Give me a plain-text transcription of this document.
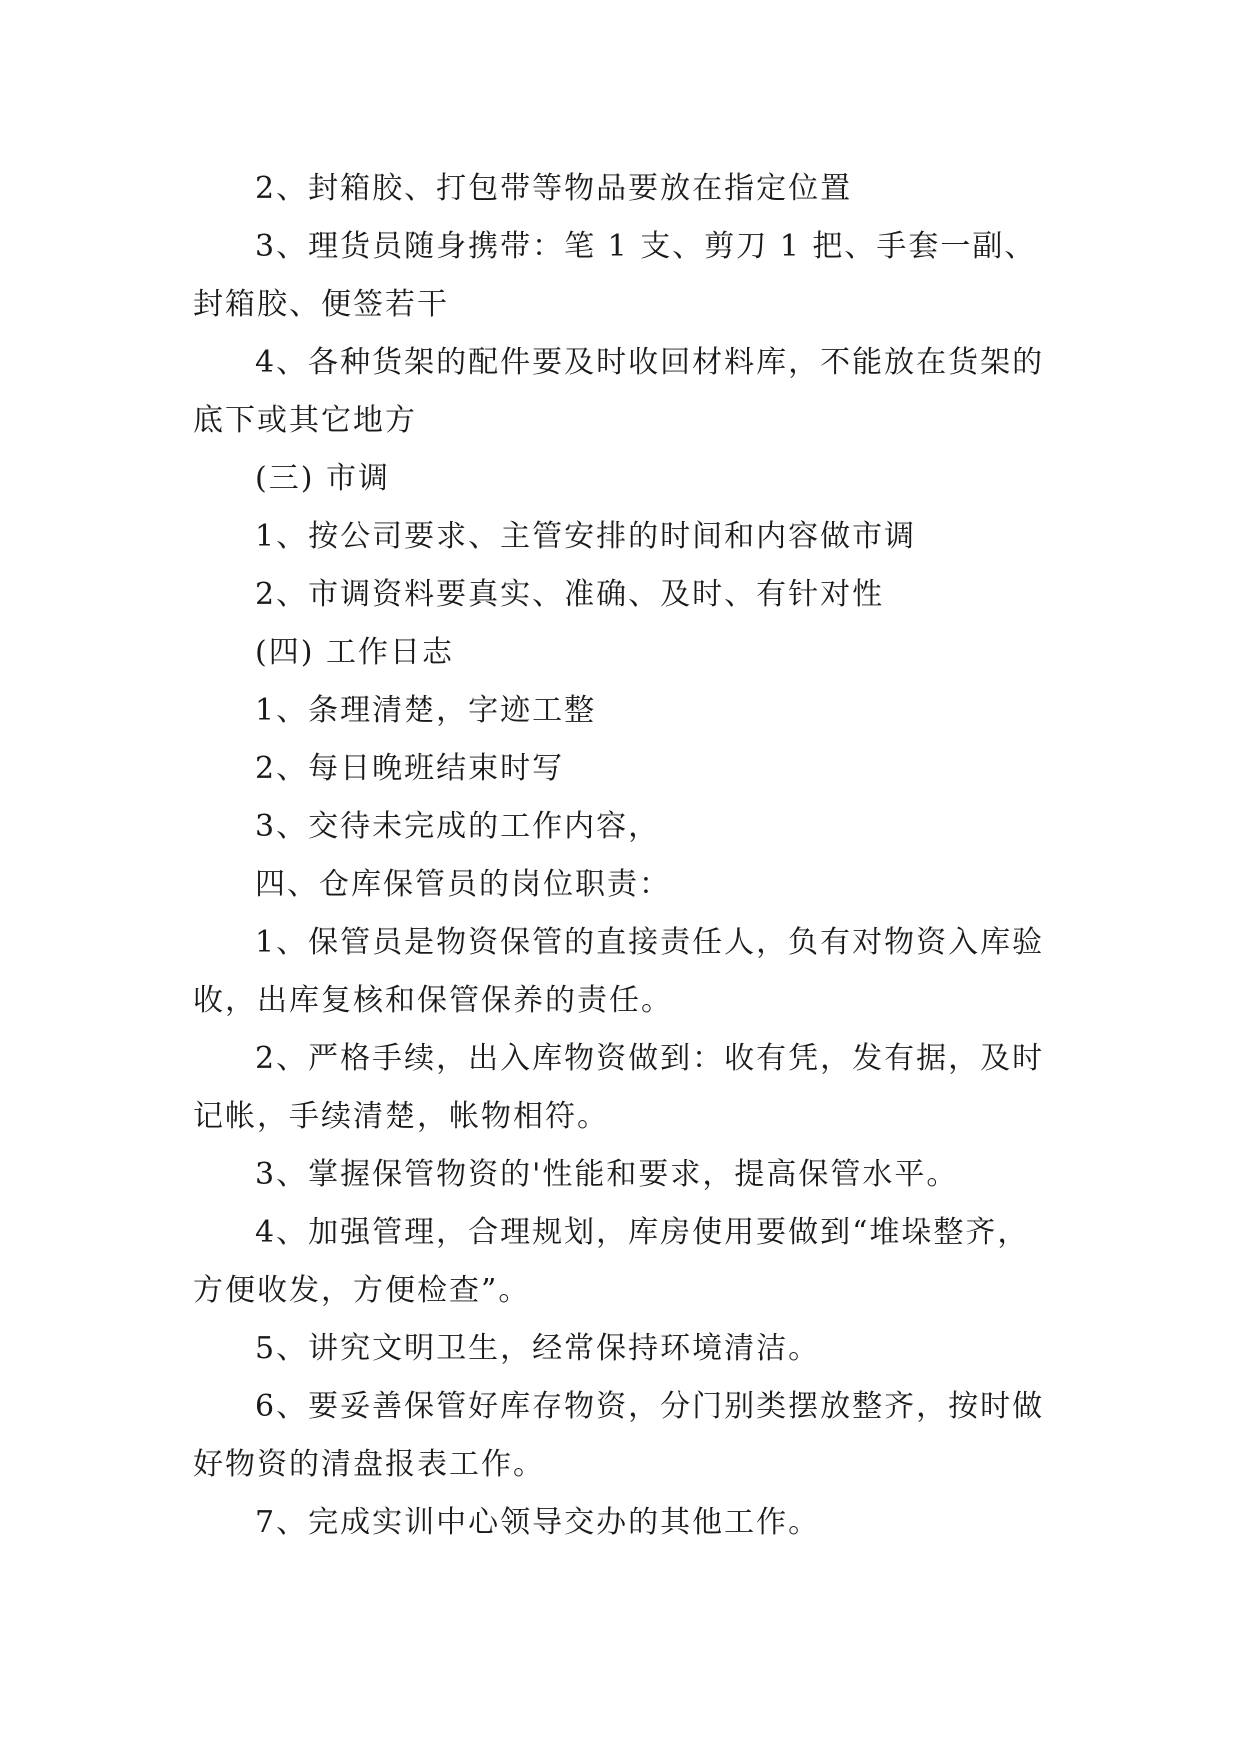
2、封箱胶、打包带等物品要放在指定位置

3、理货员随身携带：笔 1 支、剪刀 1 把、手套一副、封箱胶、便签若干

4、各种货架的配件要及时收回材料库，不能放在货架的底下或其它地方

(三) 市调

1、按公司要求、主管安排的时间和内容做市调

2、市调资料要真实、准确、及时、有针对性

(四) 工作日志

1、条理清楚，字迹工整

2、每日晚班结束时写

3、交待未完成的工作内容，

四、仓库保管员的岗位职责：

1、保管员是物资保管的直接责任人，负有对物资入库验收，出库复核和保管保养的责任。

2、严格手续，出入库物资做到：收有凭，发有据，及时记帐，手续清楚，帐物相符。

3、掌握保管物资的'性能和要求，提高保管水平。

4、加强管理，合理规划，库房使用要做到“堆垛整齐，方便收发，方便检查”。

5、讲究文明卫生，经常保持环境清洁。

6、要妥善保管好库存物资，分门别类摆放整齐，按时做好物资的清盘报表工作。

7、完成实训中心领导交办的其他工作。
